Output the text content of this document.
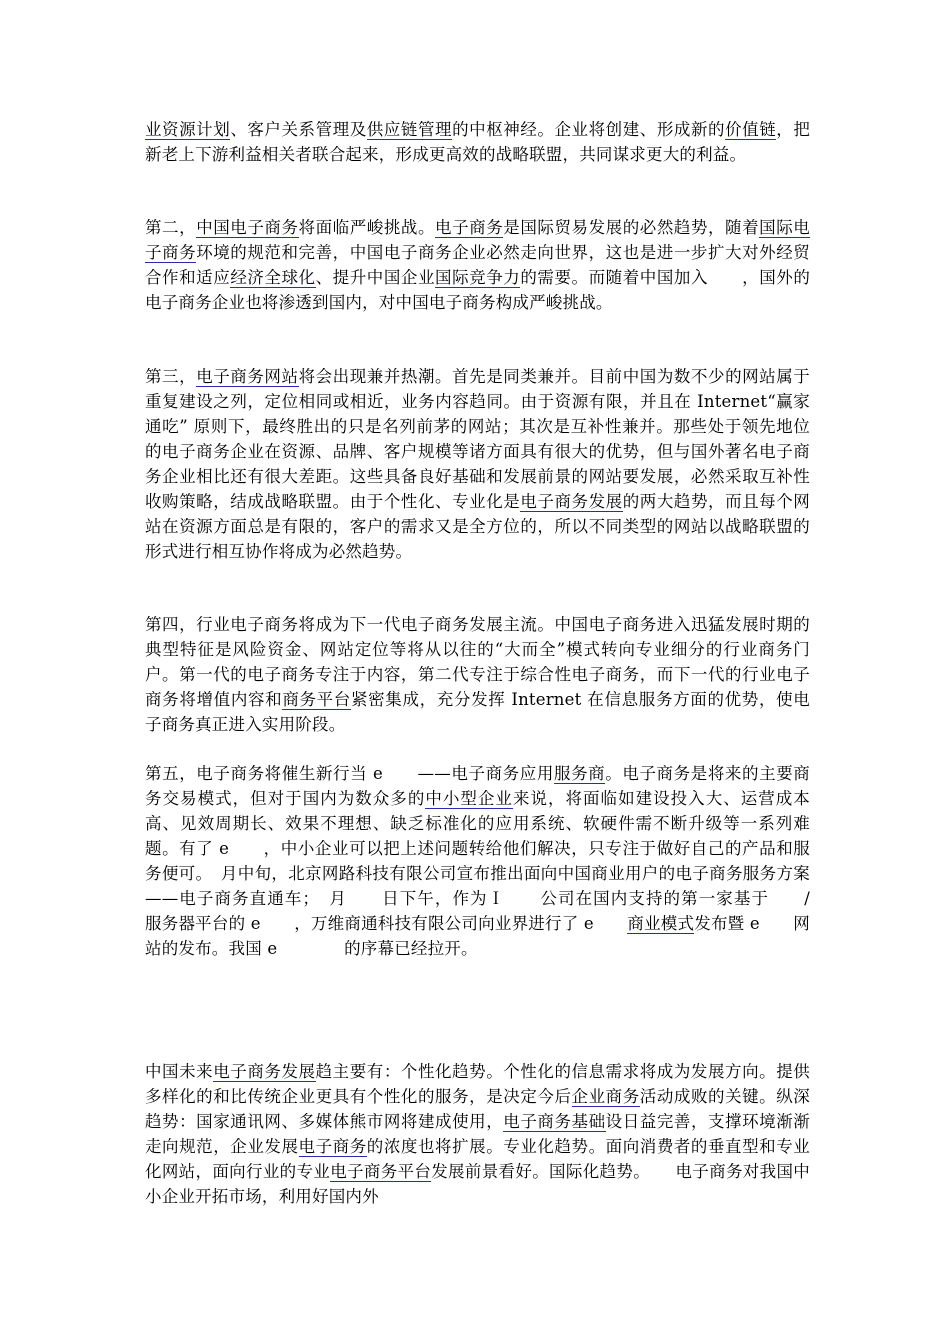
业资源计划、客户关系管理及供应链管理的中枢神经。企业将创建、形成新的价值链，把新老上下游利益相关者联合起来，形成更高效的战略联盟，共同谋求更大的利益。

第二，中国电子商务将面临严峻挑战。电子商务是国际贸易发展的必然趋势，随着国际电子商务环境的规范和完善，中国电子商务企业必然走向世界，这也是进一步扩大对外经贸合作和适应经济全球化、提升中国企业国际竞争力的需要。而随着中国加入　　，国外的电子商务企业也将渗透到国内，对中国电子商务构成严峻挑战。

第三，电子商务网站将会出现兼并热潮。首先是同类兼并。目前中国为数不少的网站属于重复建设之列，定位相同或相近，业务内容趋同。由于资源有限，并且在 Internet“赢家通吃” 原则下，最终胜出的只是名列前茅的网站；其次是互补性兼并。那些处于领先地位的电子商务企业在资源、品牌、客户规模等诸方面具有很大的优势，但与国外著名电子商务企业相比还有很大差距。这些具备良好基础和发展前景的网站要发展，必然采取互补性收购策略，结成战略联盟。由于个性化、专业化是电子商务发展的两大趋势，而且每个网站在资源方面总是有限的，客户的需求又是全方位的，所以不同类型的网站以战略联盟的形式进行相互协作将成为必然趋势。

第四，行业电子商务将成为下一代电子商务发展主流。中国电子商务进入迅猛发展时期的典型特征是风险资金、网站定位等将从以往的“大而全”模式转向专业细分的行业商务门户。第一代的电子商务专注于内容，第二代专注于综合性电子商务，而下一代的行业电子商务将增值内容和商务平台紧密集成，充分发挥 Internet 在信息服务方面的优势，使电子商务真正进入实用阶段。

第五，电子商务将催生新行当 e　　——电子商务应用服务商。电子商务是将来的主要商务交易模式，但对于国内为数众多的中小型企业来说，将面临如建设投入大、运营成本高、见效周期长、效果不理想、缺乏标准化的应用系统、软硬件需不断升级等一系列难题。有了 e　　，中小企业可以把上述问题转给他们解决，只专注于做好自己的产品和服务便可。　月中旬，北京网路科技有限公司宣布推出面向中国商业用户的电子商务服务方案——电子商务直通车；　月　　日下午，作为Ｉ　　公司在国内支持的第一家基于　　/　　　服务器平台的 e　　，万维商通科技有限公司向业界进行了 e　　商业模式发布暨 e　　网站的发布。我国 e　　　　的序幕已经拉开。

中国未来电子商务发展趋主要有：个性化趋势。个性化的信息需求将成为发展方向。提供多样化的和比传统企业更具有个性化的服务，是决定今后企业商务活动成败的关键。纵深趋势：国家通讯网、多媒体熊市网将建成使用，电子商务基础设日益完善，支撑环境渐渐走向规范，企业发展电子商务的浓度也将扩展。专业化趋势。面向消费者的垂直型和专业化网站，面向行业的专业电子商务平台发展前景看好。国际化趋势。　　电子商务对我国中小企业开拓市场，利用好国内外
